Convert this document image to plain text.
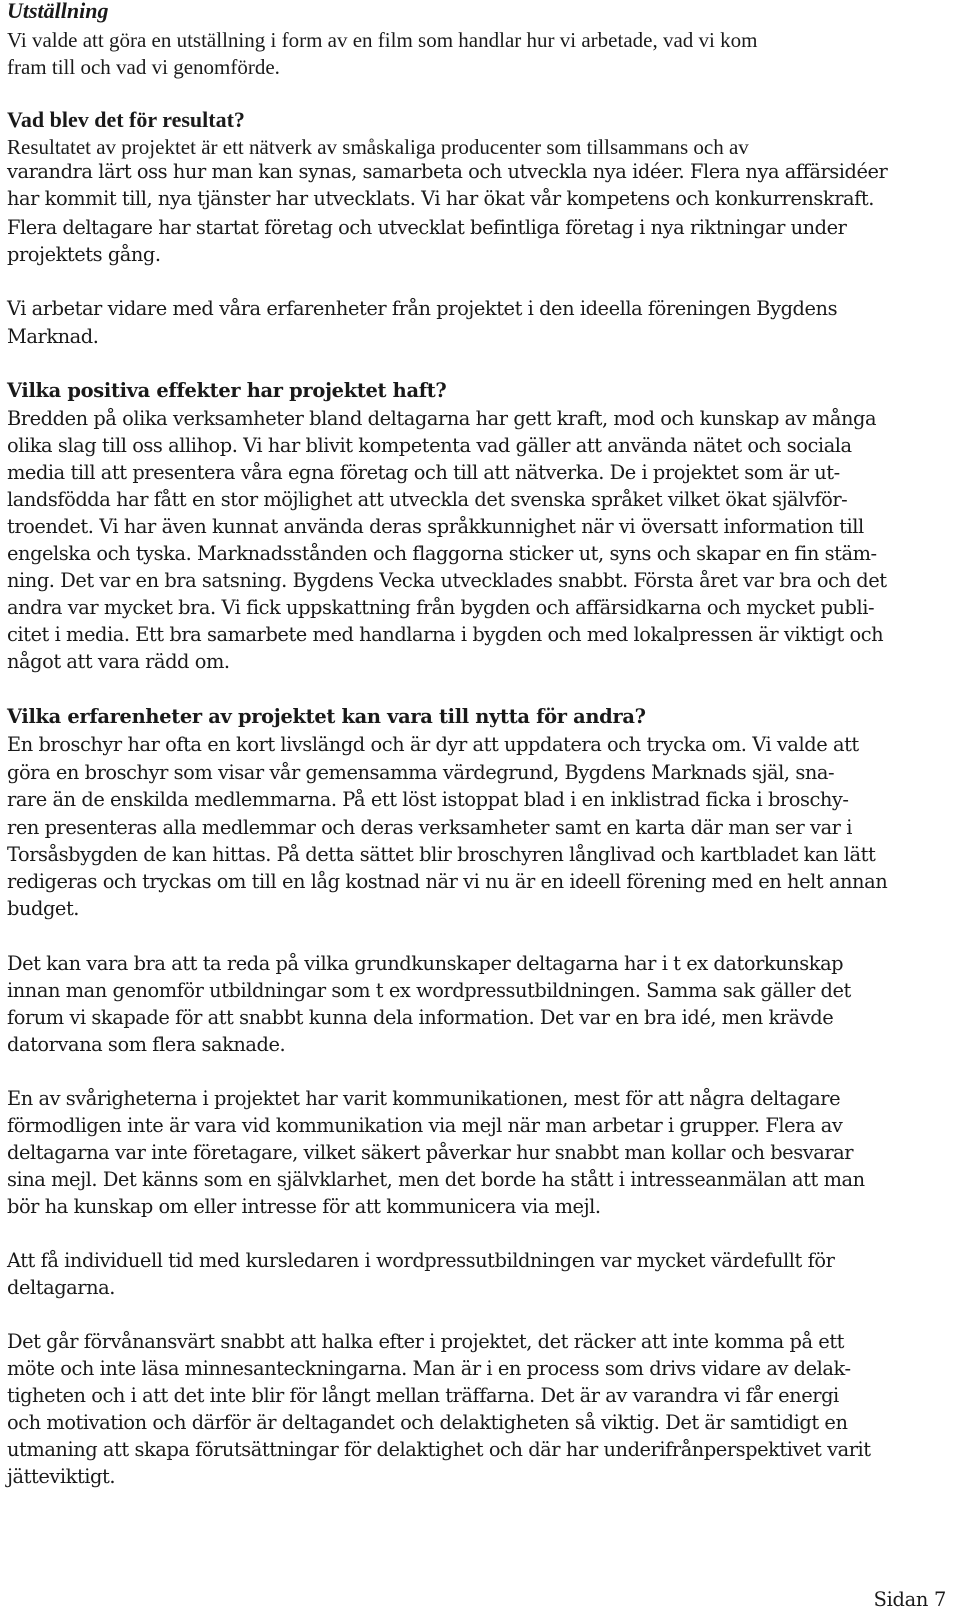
Utställning
Vi valde att göra en utställning i form av en film som handlar hur vi arbetade, vad vi kom
fram till och vad vi genomförde.
Vad blev det för resultat?
Resultatet av projektet är ett nätverk av småskaliga producenter som tillsammans och av
varandra lärt oss hur man kan synas, samarbeta och utveckla nya idéer. Flera nya affärsidéer
har kommit till, nya tjänster har utvecklats. Vi har ökat vår kompetens och konkurrenskraft.
Flera deltagare har startat företag och utvecklat befintliga företag i nya riktningar under
projektets gång.
Vi arbetar vidare med våra erfarenheter från projektet i den ideella föreningen Bygdens
Marknad.
Vilka positiva effekter har projektet haft?
Bredden på olika verksamheter bland deltagarna har gett kraft, mod och kunskap av många
olika slag till oss allihop. Vi har blivit kompetenta vad gäller att använda nätet och sociala
media till att presentera våra egna företag och till att nätverka. De i projektet som är ut-
landsfödda har fått en stor möjlighet att utveckla det svenska språket vilket ökat självför-
troendet. Vi har även kunnat använda deras språkkunnighet när vi översatt information till
engelska och tyska. Marknadsstånden och flaggorna sticker ut, syns och skapar en fin stäm-
ning. Det var en bra satsning. Bygdens Vecka utvecklades snabbt. Första året var bra och det
andra var mycket bra. Vi fick uppskattning från bygden och affärsidkarna och mycket publi-
citet i media. Ett bra samarbete med handlarna i bygden och med lokalpressen är viktigt och
något att vara rädd om.
Vilka erfarenheter av projektet kan vara till nytta för andra?
En broschyr har ofta en kort livslängd och är dyr att uppdatera och trycka om. Vi valde att
göra en broschyr som visar vår gemensamma värdegrund, Bygdens Marknads själ, sna-
rare än de enskilda medlemmarna. På ett löst istoppat blad i en inklistrad ficka i broschy-
ren presenteras alla medlemmar och deras verksamheter samt en karta där man ser var i
Torsåsbygden de kan hittas. På detta sättet blir broschyren långlivad och kartbladet kan lätt
redigeras och tryckas om till en låg kostnad när vi nu är en ideell förening med en helt annan
budget.
Det kan vara bra att ta reda på vilka grundkunskaper deltagarna har i t ex datorkunskap
innan man genomför utbildningar som t ex wordpressutbildningen. Samma sak gäller det
forum vi skapade för att snabbt kunna dela information. Det var en bra idé, men krävde
datorvana som flera saknade.
En av svårigheterna i projektet har varit kommunikationen, mest för att några deltagare
förmodligen inte är vara vid kommunikation via mejl när man arbetar i grupper. Flera av
deltagarna var inte företagare, vilket säkert påverkar hur snabbt man kollar och besvarar
sina mejl. Det känns som en självklarhet, men det borde ha stått i intresseanmälan att man
bör ha kunskap om eller intresse för att kommunicera via mejl.
Att få individuell tid med kursledaren i wordpressutbildningen var mycket värdefullt för
deltagarna.
Det går förvånansvärt snabbt att halka efter i projektet, det räcker att inte komma på ett
möte och inte läsa minnesanteckningarna. Man är i en process som drivs vidare av delak-
tigheten och i att det inte blir för långt mellan träffarna. Det är av varandra vi får energi
och motivation och därför är deltagandet och delaktigheten så viktig. Det är samtidigt en
utmaning att skapa förutsättningar för delaktighet och där har underifrånperspektivet varit
jätteviktigt.
Sidan 7
